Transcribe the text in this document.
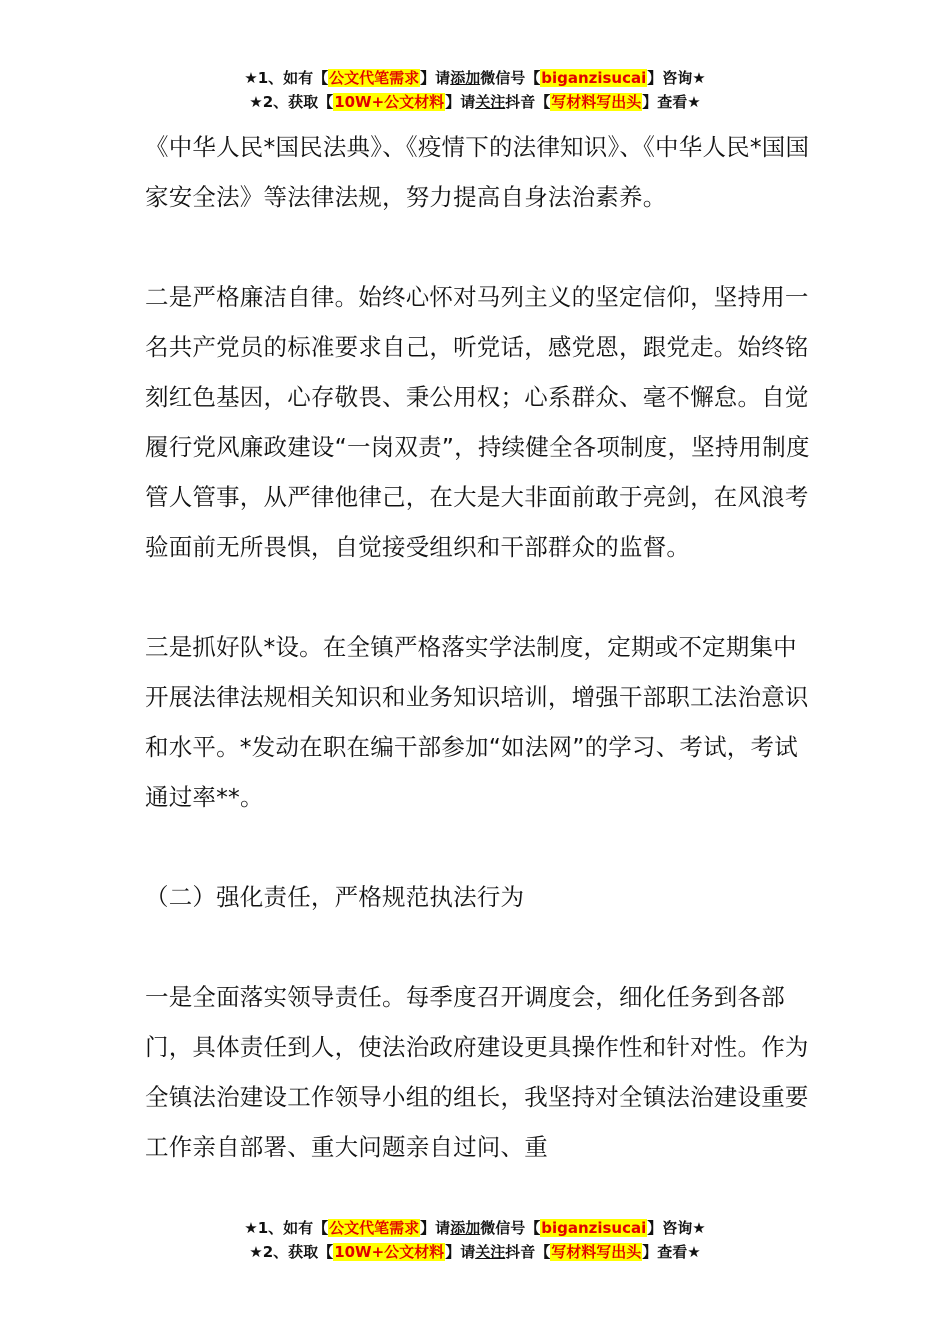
★1、如有【公文代笔需求】请添加微信号【biganzisucai】咨询★
★2、获取【10W+公文材料】请关注抖音【写材料写出头】查看★

《中华人民*国民法典》、《疫情下的法律知识》、《中华人民*国国家安全法》等法律法规，努力提高自身法治素养。

二是严格廉洁自律。始终心怀对马列主义的坚定信仰，坚持用一名共产党员的标准要求自己，听党话，感党恩，跟党走。始终铭刻红色基因，心存敬畏、秉公用权；心系群众、毫不懈怠。自觉履行党风廉政建设“一岗双责”，持续健全各项制度，坚持用制度管人管事，从严律他律己，在大是大非面前敢于亮剑，在风浪考验面前无所畏惧，自觉接受组织和干部群众的监督。

三是抓好队*设。在全镇严格落实学法制度，定期或不定期集中开展法律法规相关知识和业务知识培训，增强干部职工法治意识和水平。*发动在职在编干部参加“如法网”的学习、考试，考试通过率**。

（二）强化责任，严格规范执法行为

一是全面落实领导责任。每季度召开调度会，细化任务到各部门，具体责任到人，使法治政府建设更具操作性和针对性。作为全镇法治建设工作领导小组的组长，我坚持对全镇法治建设重要工作亲自部署、重大问题亲自过问、重

★1、如有【公文代笔需求】请添加微信号【biganzisucai】咨询★
★2、获取【10W+公文材料】请关注抖音【写材料写出头】查看★
